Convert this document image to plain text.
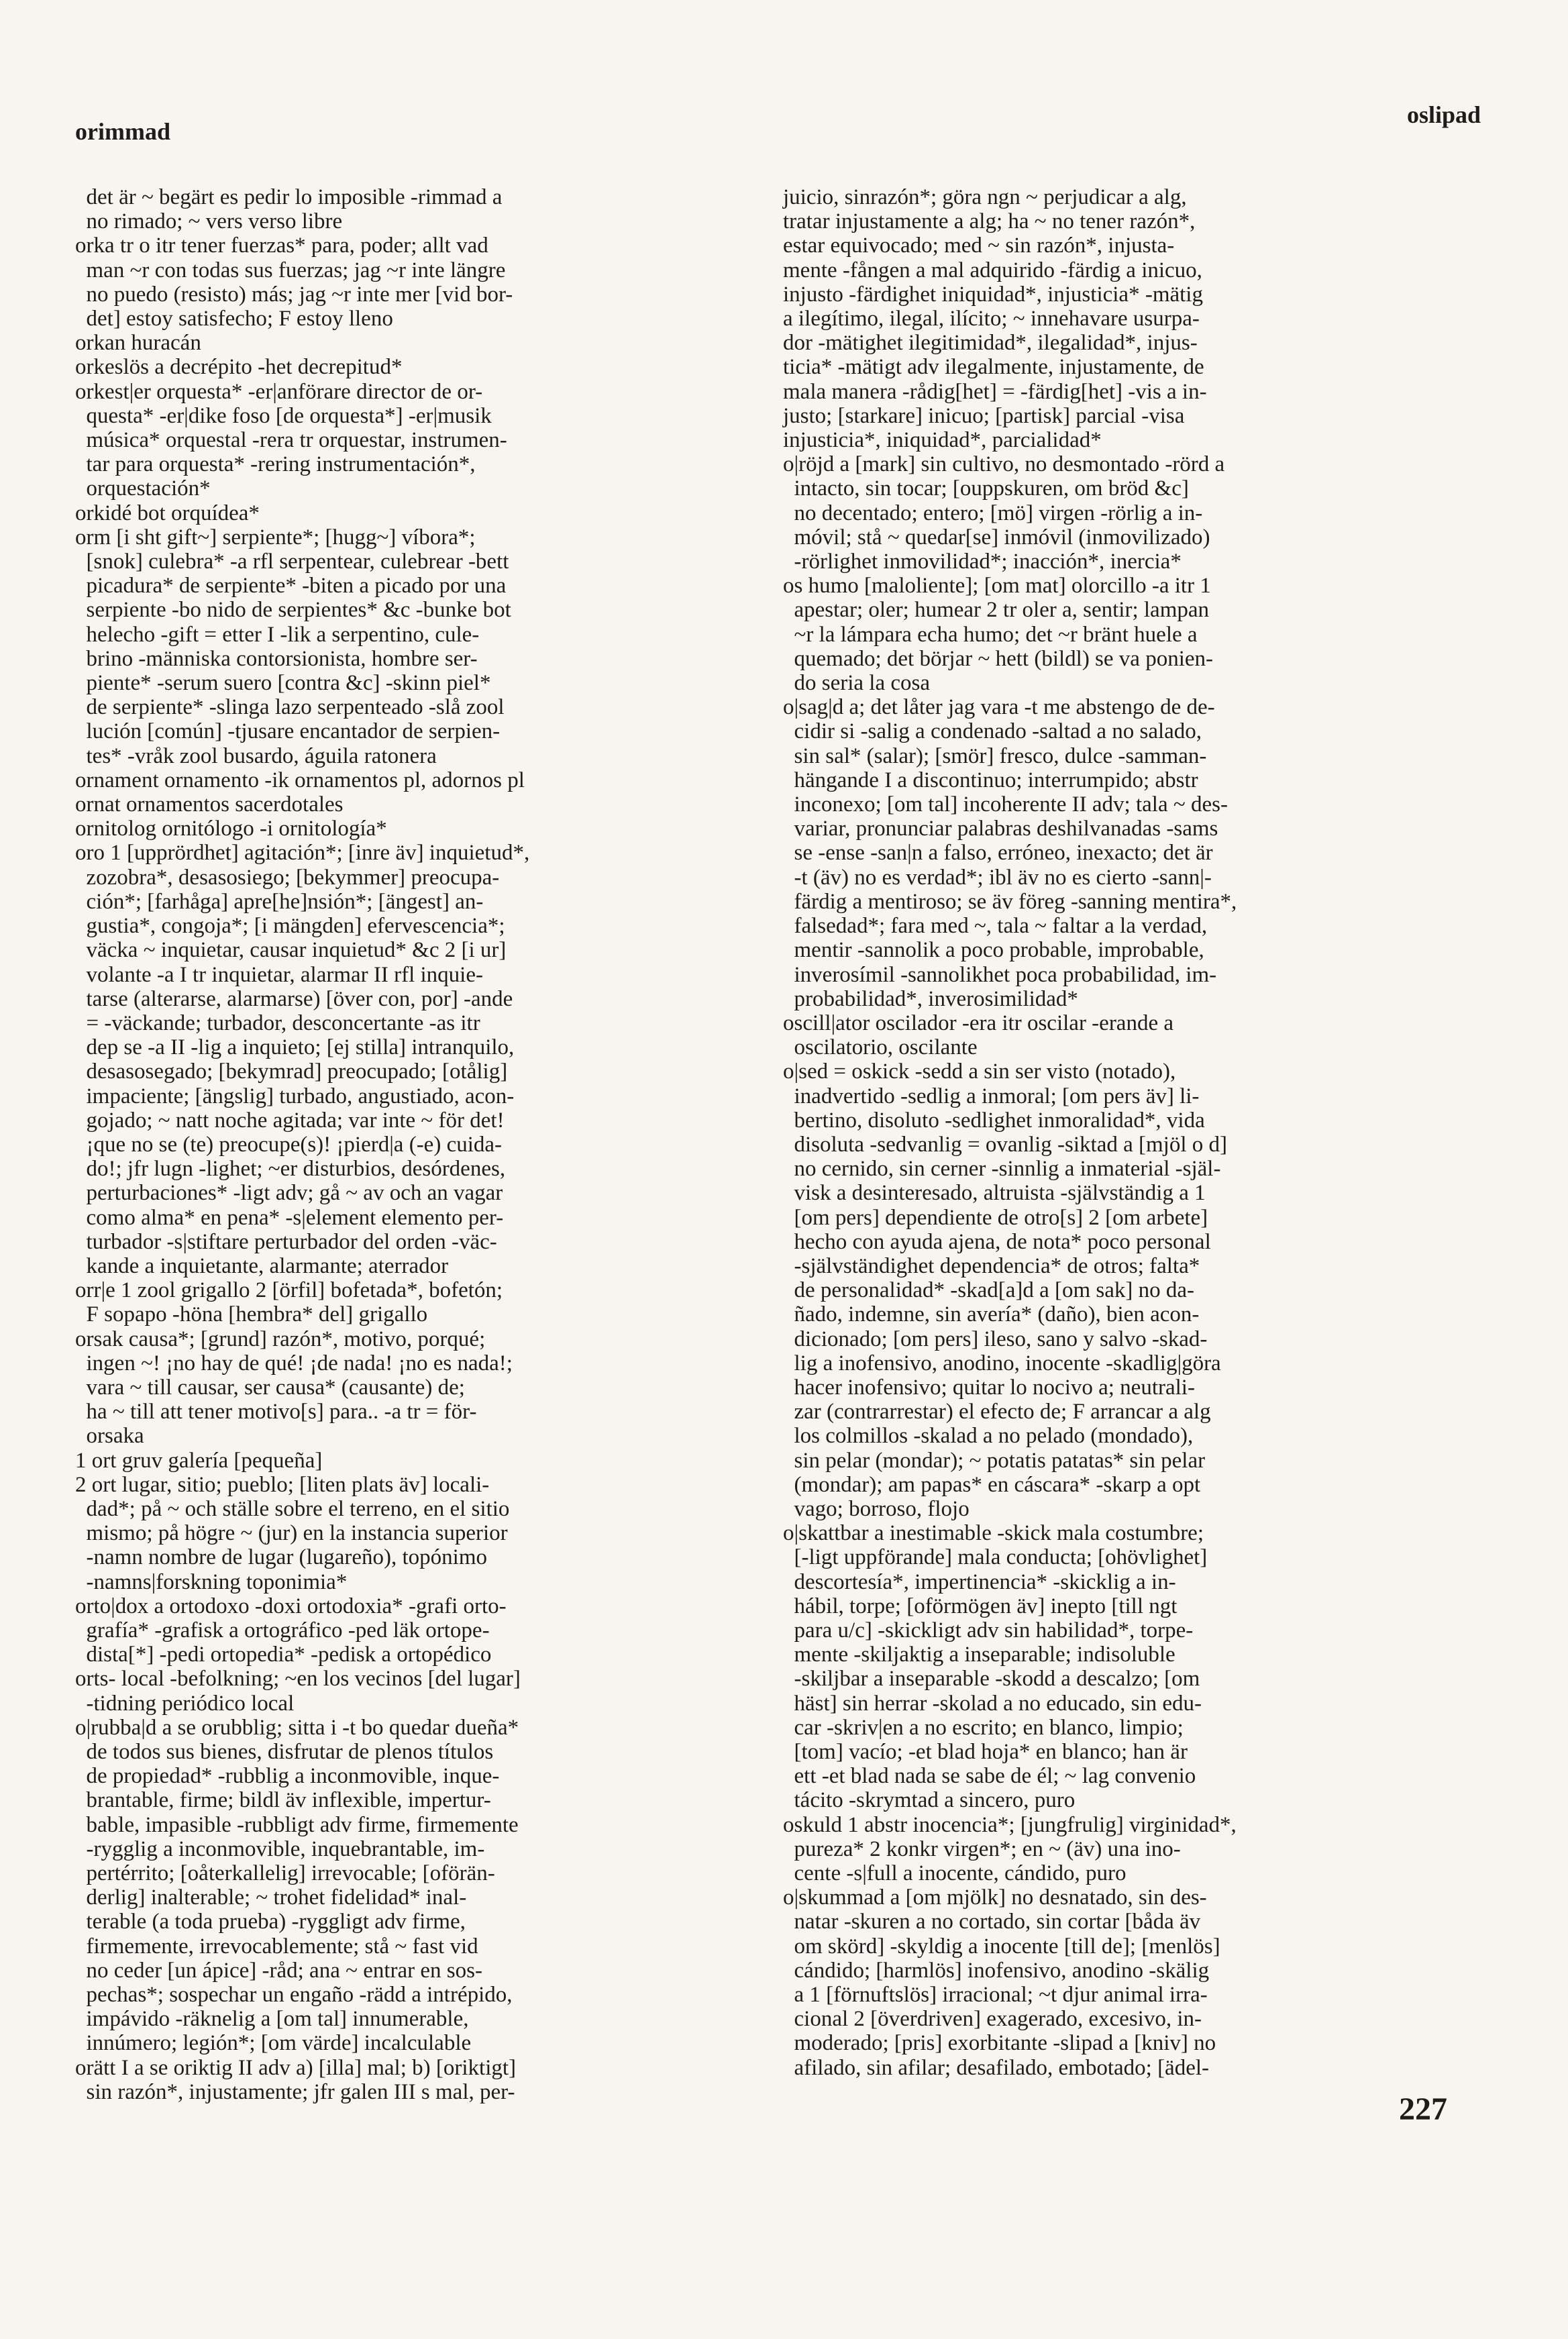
orimmad
oslipad
det är ~ begärt es pedir lo imposible -rimmad a
no rimado; ~ vers verso libre
orka tr o itr tener fuerzas* para, poder; allt vad
man ~r con todas sus fuerzas; jag ~r inte längre
no puedo (resisto) más; jag ~r inte mer [vid bor-
det] estoy satisfecho; F estoy lleno
orkan huracán
orkeslös a decrépito -het decrepitud*
orkest|er orquesta* -er|anförare director de or-
questa* -er|dike foso [de orquesta*] -er|musik
música* orquestal -rera tr orquestar, instrumen-
tar para orquesta* -rering instrumentación*,
orquestación*
orkidé bot orquídea*
orm [i sht gift~] serpiente*; [hugg~] víbora*;
[snok] culebra* -a rfl serpentear, culebrear -bett
picadura* de serpiente* -biten a picado por una
serpiente -bo nido de serpientes* &c -bunke bot
helecho -gift = etter I -lik a serpentino, cule-
brino -människa contorsionista, hombre ser-
piente* -serum suero [contra &c] -skinn piel*
de serpiente* -slinga lazo serpenteado -slå zool
lución [común] -tjusare encantador de serpien-
tes* -vråk zool busardo, águila ratonera
ornament ornamento -ik ornamentos pl, adornos pl
ornat ornamentos sacerdotales
ornitolog ornitólogo -i ornitología*
oro 1 [upprördhet] agitación*; [inre äv] inquietud*,
zozobra*, desasosiego; [bekymmer] preocupa-
ción*; [farhåga] apre[he]nsión*; [ängest] an-
gustia*, congoja*; [i mängden] efervescencia*;
väcka ~ inquietar, causar inquietud* &c 2 [i ur]
volante -a I tr inquietar, alarmar II rfl inquie-
tarse (alterarse, alarmarse) [över con, por] -ande
= -väckande; turbador, desconcertante -as itr
dep se -a II -lig a inquieto; [ej stilla] intranquilo,
desasosegado; [bekymrad] preocupado; [otålig]
impaciente; [ängslig] turbado, angustiado, acon-
gojado; ~ natt noche agitada; var inte ~ för det!
¡que no se (te) preocupe(s)! ¡pierd|a (-e) cuida-
do!; jfr lugn -lighet; ~er disturbios, desórdenes,
perturbaciones* -ligt adv; gå ~ av och an vagar
como alma* en pena* -s|element elemento per-
turbador -s|stiftare perturbador del orden -väc-
kande a inquietante, alarmante; aterrador
orr|e 1 zool grigallo 2 [örfil] bofetada*, bofetón;
F sopapo -höna [hembra* del] grigallo
orsak causa*; [grund] razón*, motivo, porqué;
ingen ~! ¡no hay de qué! ¡de nada! ¡no es nada!;
vara ~ till causar, ser causa* (causante) de;
ha ~ till att tener motivo[s] para.. -a tr = för-
orsaka
1 ort gruv galería [pequeña]
2 ort lugar, sitio; pueblo; [liten plats äv] locali-
dad*; på ~ och ställe sobre el terreno, en el sitio
mismo; på högre ~ (jur) en la instancia superior
-namn nombre de lugar (lugareño), topónimo
-namns|forskning toponimia*
orto|dox a ortodoxo -doxi ortodoxia* -grafi orto-
grafía* -grafisk a ortográfico -ped läk ortope-
dista[*] -pedi ortopedia* -pedisk a ortopédico
orts- local -befolkning; ~en los vecinos [del lugar]
-tidning periódico local
o|rubba|d a se orubblig; sitta i -t bo quedar dueña*
de todos sus bienes, disfrutar de plenos títulos
de propiedad* -rubblig a inconmovible, inque-
brantable, firme; bildl äv inflexible, impertur-
bable, impasible -rubbligt adv firme, firmemente
-rygglig a inconmovible, inquebrantable, im-
pertérrito; [oåterkallelig] irrevocable; [oförän-
derlig] inalterable; ~ trohet fidelidad* inal-
terable (a toda prueba) -ryggligt adv firme,
firmemente, irrevocablemente; stå ~ fast vid
no ceder [un ápice] -råd; ana ~ entrar en sos-
pechas*; sospechar un engaño -rädd a intrépido,
impávido -räknelig a [om tal] innumerable,
innúmero; legión*; [om värde] incalculable
orätt I a se oriktig II adv a) [illa] mal; b) [oriktigt]
sin razón*, injustamente; jfr galen III s mal, per-
juicio, sinrazón*; göra ngn ~ perjudicar a alg,
tratar injustamente a alg; ha ~ no tener razón*,
estar equivocado; med ~ sin razón*, injusta-
mente -fången a mal adquirido -färdig a inicuo,
injusto -färdighet iniquidad*, injusticia* -mätig
a ilegítimo, ilegal, ilícito; ~ innehavare usurpa-
dor -mätighet ilegitimidad*, ilegalidad*, injus-
ticia* -mätigt adv ilegalmente, injustamente, de
mala manera -rådig[het] = -färdig[het] -vis a in-
justo; [starkare] inicuo; [partisk] parcial -visa
injusticia*, iniquidad*, parcialidad*
o|röjd a [mark] sin cultivo, no desmontado -rörd a
intacto, sin tocar; [ouppskuren, om bröd &c]
no decentado; entero; [mö] virgen -rörlig a in-
móvil; stå ~ quedar[se] inmóvil (inmovilizado)
-rörlighet inmovilidad*; inacción*, inercia*
os humo [maloliente]; [om mat] olorcillo -a itr 1
apestar; oler; humear 2 tr oler a, sentir; lampan
~r la lámpara echa humo; det ~r bränt huele a
quemado; det börjar ~ hett (bildl) se va ponien-
do seria la cosa
o|sag|d a; det låter jag vara -t me abstengo de de-
cidir si -salig a condenado -saltad a no salado,
sin sal* (salar); [smör] fresco, dulce -samman-
hängande I a discontinuo; interrumpido; abstr
inconexo; [om tal] incoherente II adv; tala ~ des-
variar, pronunciar palabras deshilvanadas -sams
se -ense -san|n a falso, erróneo, inexacto; det är
-t (äv) no es verdad*; ibl äv no es cierto -sann|-
färdig a mentiroso; se äv föreg -sanning mentira*,
falsedad*; fara med ~, tala ~ faltar a la verdad,
mentir -sannolik a poco probable, improbable,
inverosímil -sannolikhet poca probabilidad, im-
probabilidad*, inverosimilidad*
oscill|ator oscilador -era itr oscilar -erande a
oscilatorio, oscilante
o|sed = oskick -sedd a sin ser visto (notado),
inadvertido -sedlig a inmoral; [om pers äv] li-
bertino, disoluto -sedlighet inmoralidad*, vida
disoluta -sedvanlig = ovanlig -siktad a [mjöl o d]
no cernido, sin cerner -sinnlig a inmaterial -själ-
visk a desinteresado, altruista -självständig a 1
[om pers] dependiente de otro[s] 2 [om arbete]
hecho con ayuda ajena, de nota* poco personal
-självständighet dependencia* de otros; falta*
de personalidad* -skad[a]d a [om sak] no da-
ñado, indemne, sin avería* (daño), bien acon-
dicionado; [om pers] ileso, sano y salvo -skad-
lig a inofensivo, anodino, inocente -skadlig|göra
hacer inofensivo; quitar lo nocivo a; neutrali-
zar (contrarrestar) el efecto de; F arrancar a alg
los colmillos -skalad a no pelado (mondado),
sin pelar (mondar); ~ potatis patatas* sin pelar
(mondar); am papas* en cáscara* -skarp a opt
vago; borroso, flojo
o|skattbar a inestimable -skick mala costumbre;
[-ligt uppförande] mala conducta; [ohövlighet]
descortesía*, impertinencia* -skicklig a in-
hábil, torpe; [oförmögen äv] inepto [till ngt
para u/c] -skickligt adv sin habilidad*, torpe-
mente -skiljaktig a inseparable; indisoluble
-skiljbar a inseparable -skodd a descalzo; [om
häst] sin herrar -skolad a no educado, sin edu-
car -skriv|en a no escrito; en blanco, limpio;
[tom] vacío; -et blad hoja* en blanco; han är
ett -et blad nada se sabe de él; ~ lag convenio
tácito -skrymtad a sincero, puro
oskuld 1 abstr inocencia*; [jungfrulig] virginidad*,
pureza* 2 konkr virgen*; en ~ (äv) una ino-
cente -s|full a inocente, cándido, puro
o|skummad a [om mjölk] no desnatado, sin des-
natar -skuren a no cortado, sin cortar [båda äv
om skörd] -skyldig a inocente [till de]; [menlös]
cándido; [harmlös] inofensivo, anodino -skälig
a 1 [förnuftslös] irracional; ~t djur animal irra-
cional 2 [överdriven] exagerado, excesivo, in-
moderado; [pris] exorbitante -slipad a [kniv] no
afilado, sin afilar; desafilado, embotado; [ädel-
227
